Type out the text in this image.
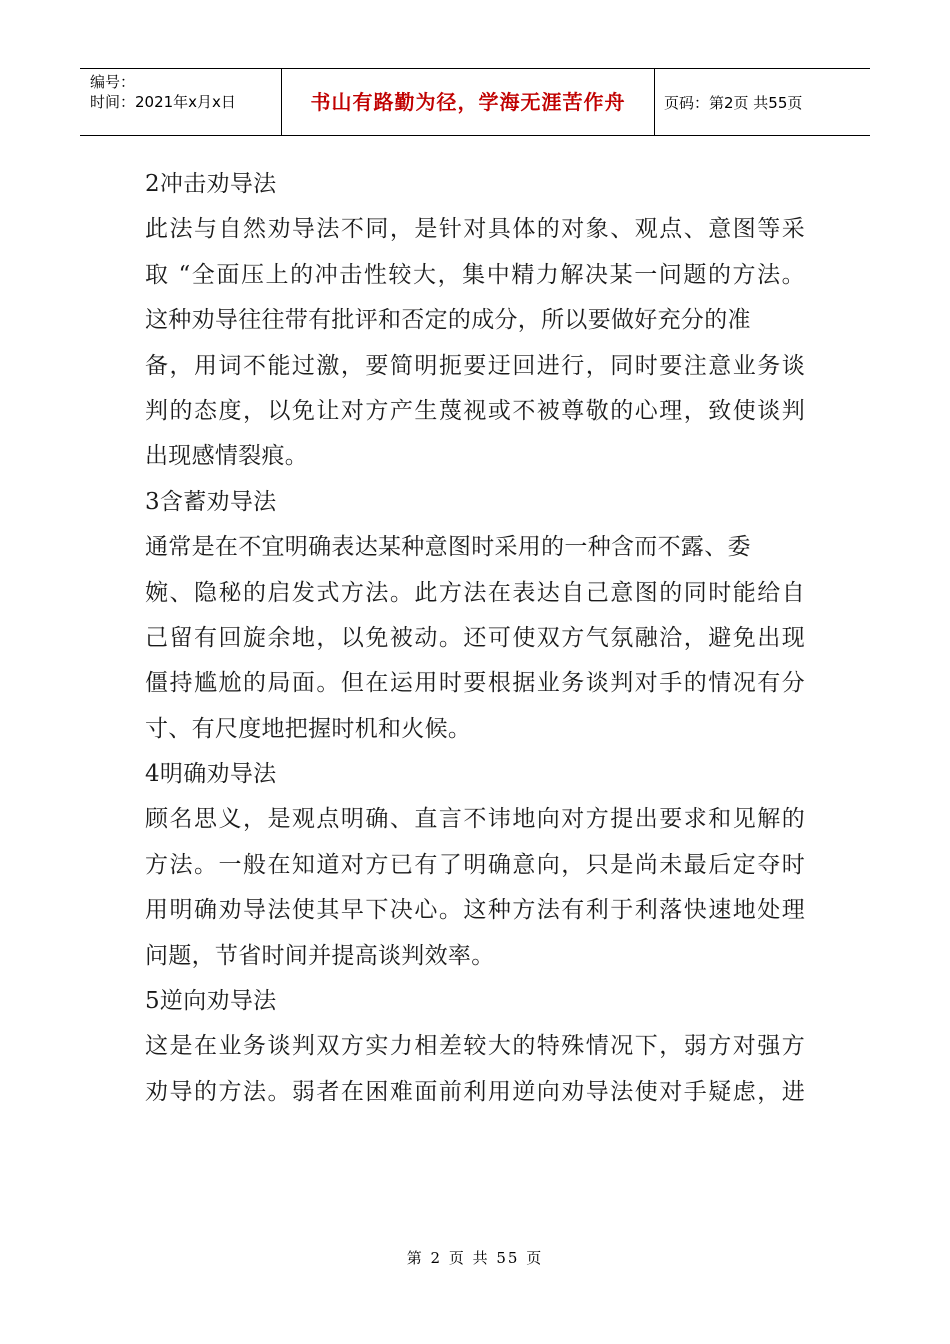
编号：
时间：2021年x月x日	书山有路勤为径，学海无涯苦作舟	页码：第2页 共55页
2冲击劝导法
此法与自然劝导法不同，是针对具体的对象、观点、意图等采
取 “全面压上的冲击性较大，集中精力解决某一问题的方法。
这种劝导往往带有批评和否定的成分，所以要做好充分的准
备，用词不能过激，要简明扼要迂回进行，同时要注意业务谈
判的态度，以免让对方产生蔑视或不被尊敬的心理，致使谈判
出现感情裂痕。
3含蓄劝导法
通常是在不宜明确表达某种意图时采用的一种含而不露、委
婉、隐秘的启发式方法。此方法在表达自己意图的同时能给自
己留有回旋余地，以免被动。还可使双方气氛融洽，避免出现
僵持尴尬的局面。但在运用时要根据业务谈判对手的情况有分
寸、有尺度地把握时机和火候。
4明确劝导法
顾名思义，是观点明确、直言不讳地向对方提出要求和见解的
方法。一般在知道对方已有了明确意向，只是尚未最后定夺时
用明确劝导法使其早下决心。这种方法有利于利落快速地处理
问题，节省时间并提高谈判效率。
5逆向劝导法
这是在业务谈判双方实力相差较大的特殊情况下，弱方对强方
劝导的方法。弱者在困难面前利用逆向劝导法使对手疑虑，进
第 2 页 共 55 页
